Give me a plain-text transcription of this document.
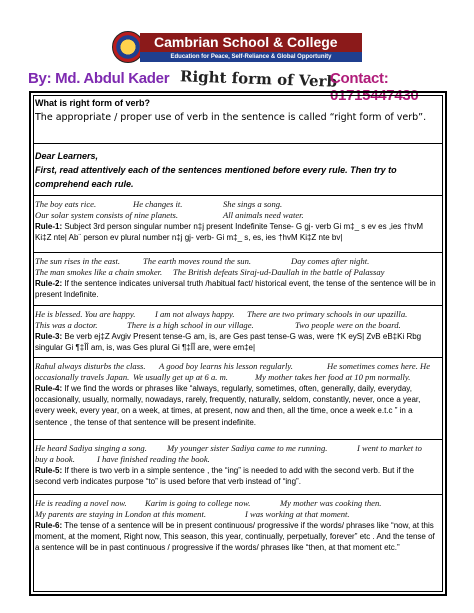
Cambrian School & College
Education for Peace, Self-Reliance & Global Opportunity
By: Md. Abdul Kader Right form of Verb
Contact: 01715447430
What is right form of verb?
The appropriate / proper use of verb in the sentence is called “right form of verb”.
Dear Learners,
First, read attentively each of the sentences mentioned before every rule. Then try to comprehend each rule.
The boy eats rice.	He changes it.	She sings a song.
Our solar system consists of nine planets.	All animals need water.
Rule-1: Subject 3rd person singular number n‡j present Indefinite Tense- G gj- verb Gi m‡_ s ev es ,ies †hvM Ki‡Z nte| Ab¨ person ev plural number n‡j gj- verb- Gi m‡_ s, es, ies †hvM Ki‡Z nte bv|
The sun rises in the east.	The earth moves round the sun.	Day comes after night.
The man smokes like a chain smoker. The British defeats Siraj-ud-Daullah in the battle of Palassay
Rule-2: If the sentence indicates universal truth /habitual fact/ historical event, the tense of the sentence will be in present Indefinite.
He is blessed. You are happy. I am not always happy. There are two primary schools in our upazilla.
This was a doctor.	There is a high school in our village.	Two people were on the board.
Rule-3: Be verb ej‡Z Avgiv Present tense-G am, is, are Ges past tense-G was, were †K eyS| ZvB eB‡Ki Rbg singular Gi ¶‡ÎÎ am, is, was Ges plural Gi ¶‡ÎÎ are, were em‡e|
Rahul always disturbs the class. A good boy learns his lesson regularly.	He sometimes comes here. He
occasionally travels Japan. We usually get up at 6 a. m.	My mother takes her food at 10 pm normally.
Rule-4: If we find the words or phrases like “always, regularly, sometimes, often, generally, daily, everyday, occasionally, usually, normally, nowadays, rarely, frequently, naturally, seldom, constantly, never, once a year, every week, every year, on a week, at times, at present, now and then, all the time, once a week e.t.c ” in a sentence , the tense of that sentence will be present indefinite.
He heard Sadiya singing a song. My younger sister Sadiya came to me running.	I went to market to
buy a book.	I have finished reading the book.
Rule-5: If there is two verb in a simple sentence , the “ing” is needed to add with the second verb. But if the second verb indicates purpose “to” is used before that verb instead of “ing”.
He is reading a novel now. Karim is going to college now.	My mother was cooking then.
My parents are staying in London at this moment.	I was working at that moment.
Rule-6: The tense of a sentence will be in present continuous/ progressive if the words/ phrases like “now, at this moment, at the moment, Right now, This season, this year, continually, perpetually, forever” etc . And the tense of a sentence will be in past continuous / progressive if the words/ phrases like “then, at that moment etc.”
